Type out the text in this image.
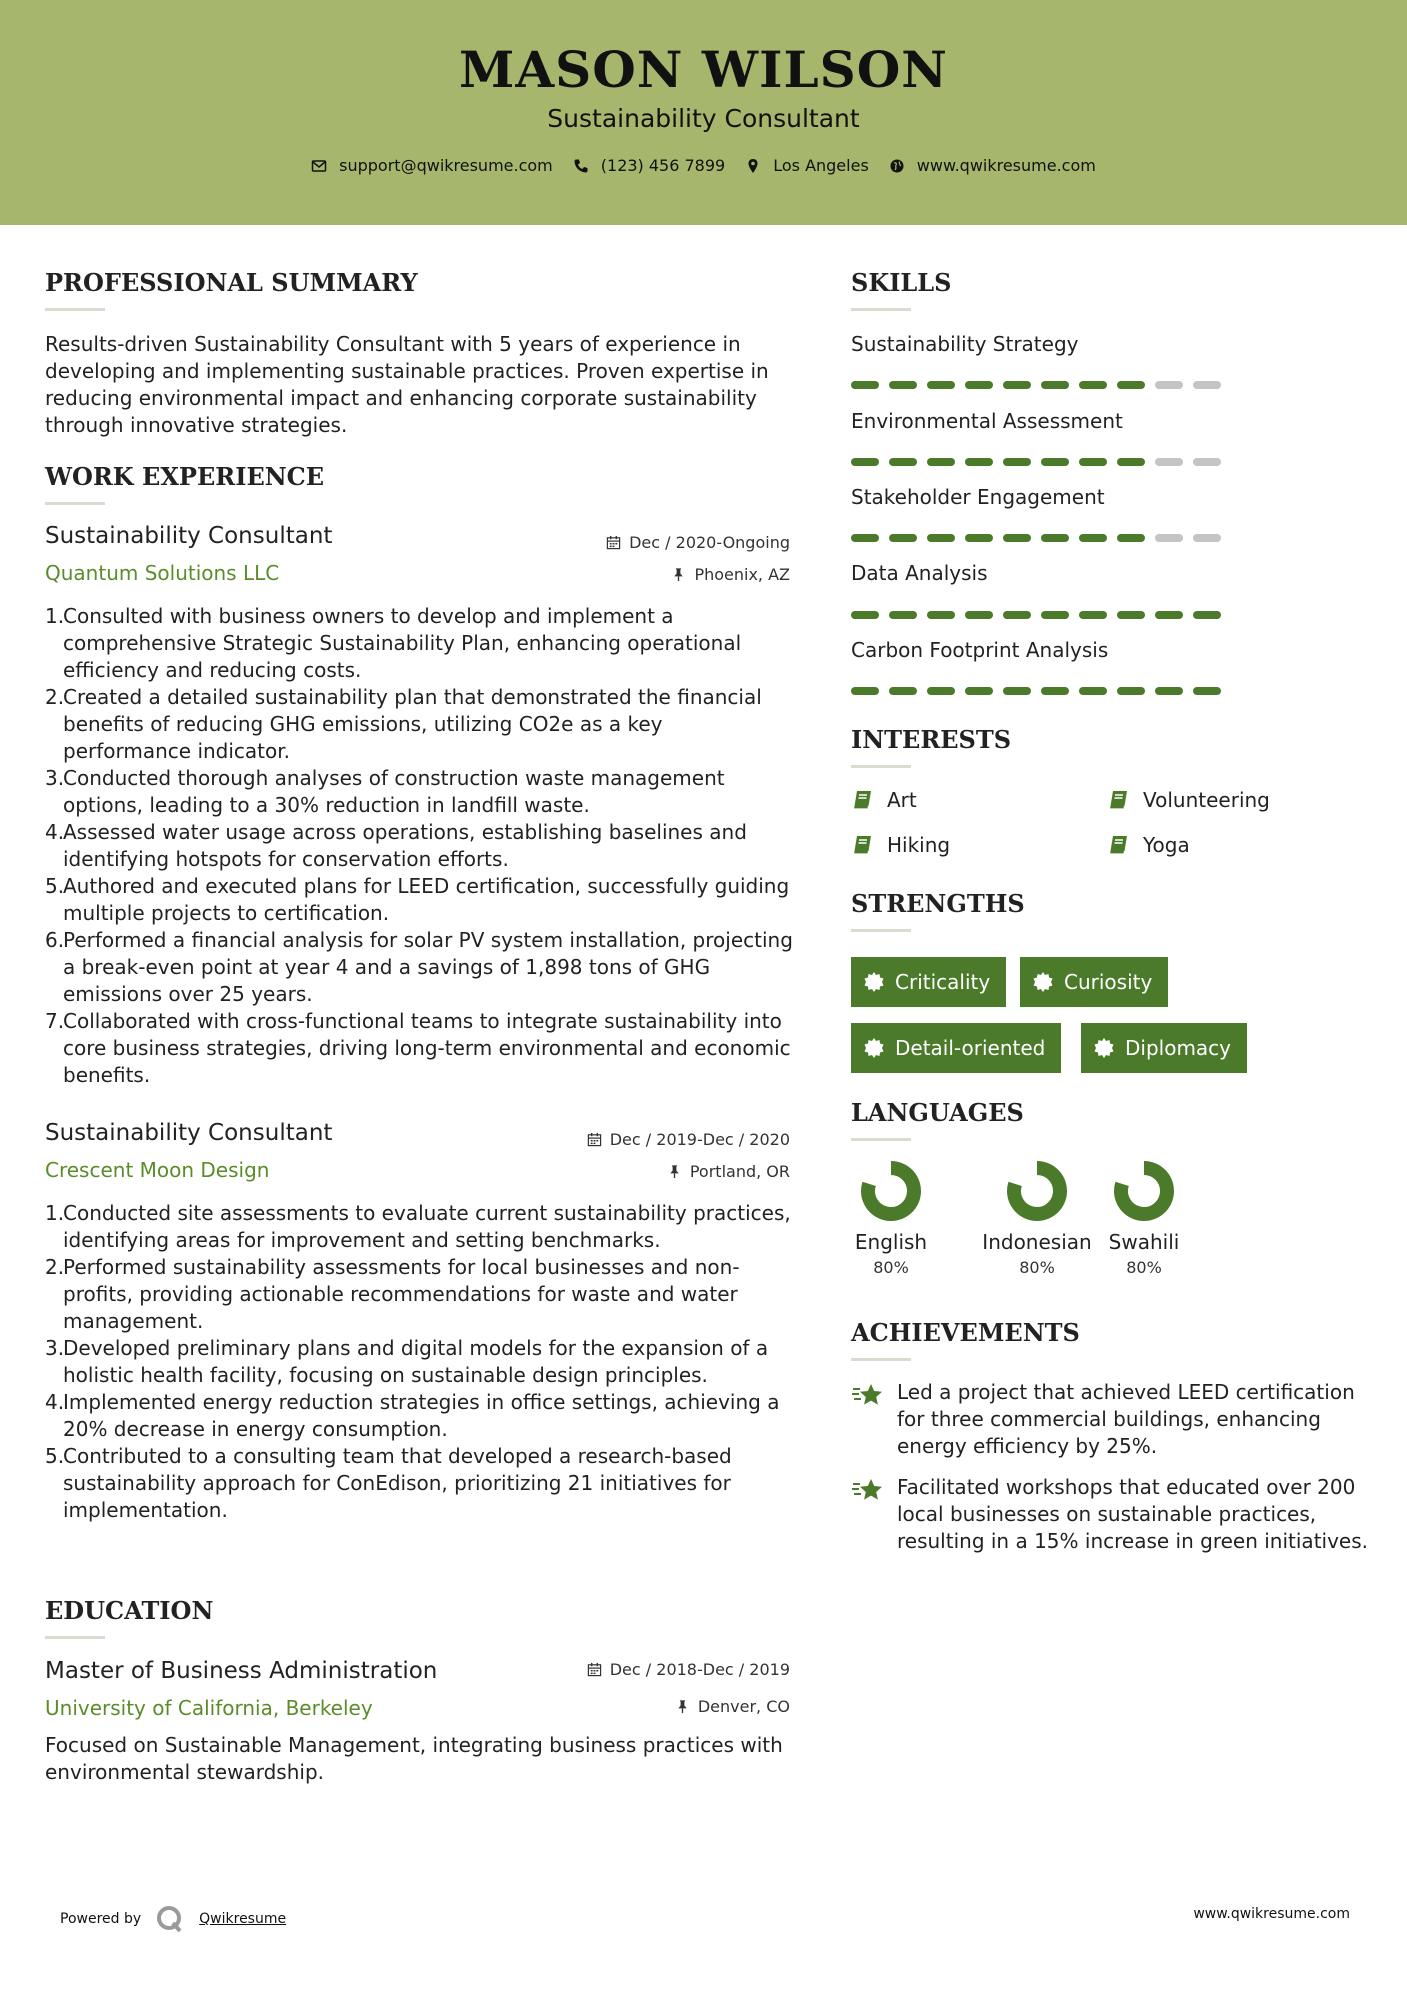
MASON WILSON
Sustainability Consultant
support@qwikresume.com	(123) 456 7899	Los Angeles	www.qwikresume.com
PROFESSIONAL SUMMARY
Results-driven Sustainability Consultant with 5 years of experience in developing and implementing sustainable practices. Proven expertise in reducing environmental impact and enhancing corporate sustainability through innovative strategies.
WORK EXPERIENCE
Sustainability Consultant
Quantum Solutions LLC
Dec / 2020-Ongoing
Phoenix, AZ
Consulted with business owners to develop and implement a comprehensive Strategic Sustainability Plan, enhancing operational efficiency and reducing costs.
Created a detailed sustainability plan that demonstrated the financial benefits of reducing GHG emissions, utilizing CO2e as a key performance indicator.
Conducted thorough analyses of construction waste management options, leading to a 30% reduction in landfill waste.
Assessed water usage across operations, establishing baselines and identifying hotspots for conservation efforts.
Authored and executed plans for LEED certification, successfully guiding multiple projects to certification.
Performed a financial analysis for solar PV system installation, projecting a break-even point at year 4 and a savings of 1,898 tons of GHG emissions over 25 years.
Collaborated with cross-functional teams to integrate sustainability into core business strategies, driving long-term environmental and economic benefits.
Sustainability Consultant
Crescent Moon Design
Dec / 2019-Dec / 2020
Portland, OR
Conducted site assessments to evaluate current sustainability practices, identifying areas for improvement and setting benchmarks.
Performed sustainability assessments for local businesses and non-profits, providing actionable recommendations for waste and water management.
Developed preliminary plans and digital models for the expansion of a holistic health facility, focusing on sustainable design principles.
Implemented energy reduction strategies in office settings, achieving a 20% decrease in energy consumption.
Contributed to a consulting team that developed a research-based sustainability approach for ConEdison, prioritizing 21 initiatives for implementation.
EDUCATION
Master of Business Administration
University of California, Berkeley
Dec / 2018-Dec / 2019
Denver, CO
Focused on Sustainable Management, integrating business practices with environmental stewardship.
SKILLS
Sustainability Strategy
Environmental Assessment
Stakeholder Engagement
Data Analysis
Carbon Footprint Analysis
INTERESTS
Art	Volunteering
Hiking	Yoga
STRENGTHS
Criticality	Curiosity
Detail-oriented	Diplomacy
LANGUAGES
English
80%
Indonesian
80%
Swahili
80%
ACHIEVEMENTS
Led a project that achieved LEED certification for three commercial buildings, enhancing energy efficiency by 25%.
Facilitated workshops that educated over 200 local businesses on sustainable practices, resulting in a 15% increase in green initiatives.
Powered by	Qwikresume	www.qwikresume.com
